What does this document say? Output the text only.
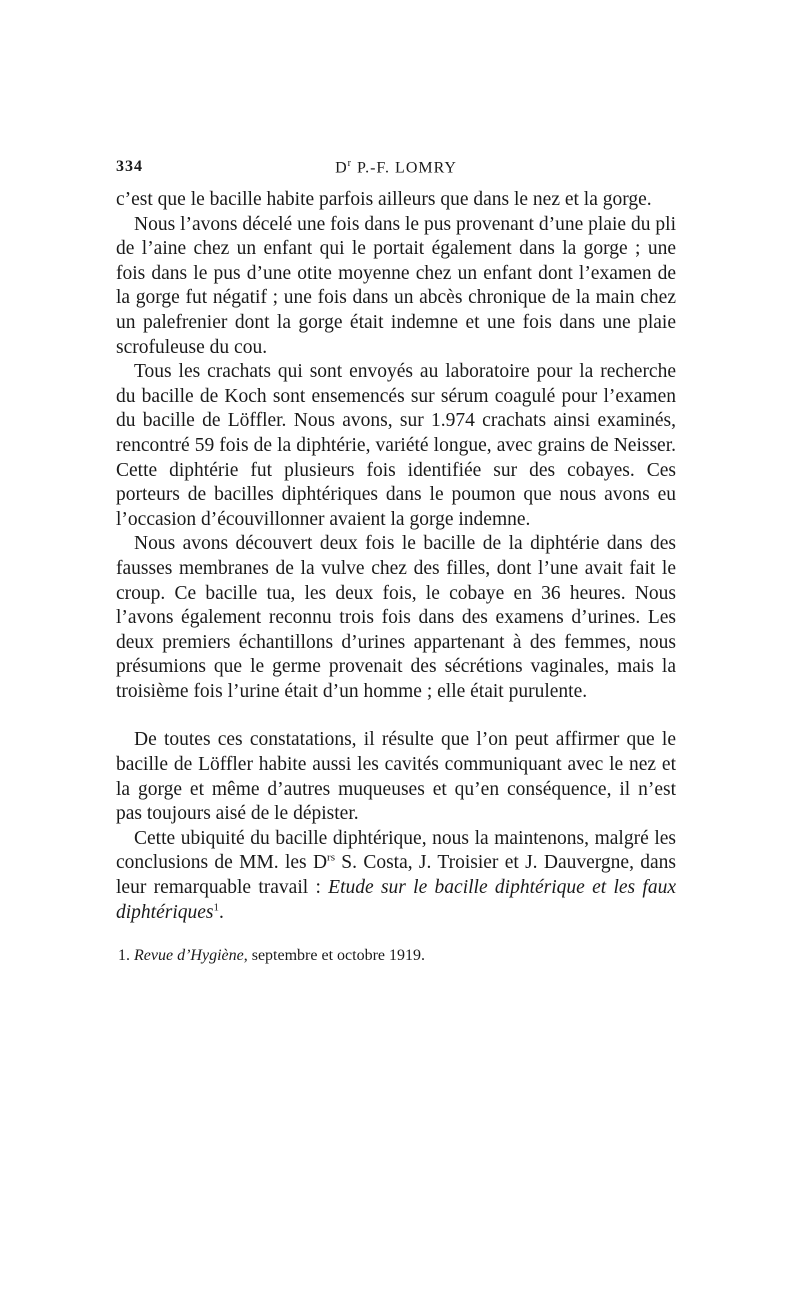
334	$D^r$ P.-F. LOMRY

c’est que le bacille habite parfois ailleurs que dans le nez et la gorge.

Nous l’avons décelé une fois dans le pus provenant d’une plaie du pli de l’aine chez un enfant qui le portait également dans la gorge ; une fois dans le pus d’une otite moyenne chez un enfant dont l’examen de la gorge fut négatif ; une fois dans un abcès chronique de la main chez un palefrenier dont la gorge était indemne et une fois dans une plaie scrofuleuse du cou.

Tous les crachats qui sont envoyés au laboratoire pour la recherche du bacille de Koch sont ensemencés sur sérum coagulé pour l’examen du bacille de Löffler. Nous avons, sur 1.974 crachats ainsi examinés, rencontré 59 fois de la diphtérie, variété longue, avec grains de Neisser. Cette diphtérie fut plusieurs fois identifiée sur des cobayes. Ces porteurs de bacilles diphtériques dans le poumon que nous avons eu l’occasion d’écouvillonner avaient la gorge indemne.

Nous avons découvert deux fois le bacille de la diphtérie dans des fausses membranes de la vulve chez des filles, dont l’une avait fait le croup. Ce bacille tua, les deux fois, le cobaye en 36 heures. Nous l’avons également reconnu trois fois dans des examens d’urines. Les deux premiers échantillons d’urines appartenant à des femmes, nous présumions que le germe provenait des sécrétions vaginales, mais la troisième fois l’urine était d’un homme ; elle était purulente.

De toutes ces constatations, il résulte que l’on peut affirmer que le bacille de Löffler habite aussi les cavités communiquant avec le nez et la gorge et même d’autres muqueuses et qu’en conséquence, il n’est pas toujours aisé de le dépister.

Cette ubiquité du bacille diphtérique, nous la maintenons, malgré les conclusions de MM. les $D^{rs}$ S. Costa, J. Troisier et J. Dauvergne, dans leur remarquable travail : Etude sur le bacille diphtérique et les faux diphtériques$^1$.

1. Revue d’Hygiène, septembre et octobre 1919.
